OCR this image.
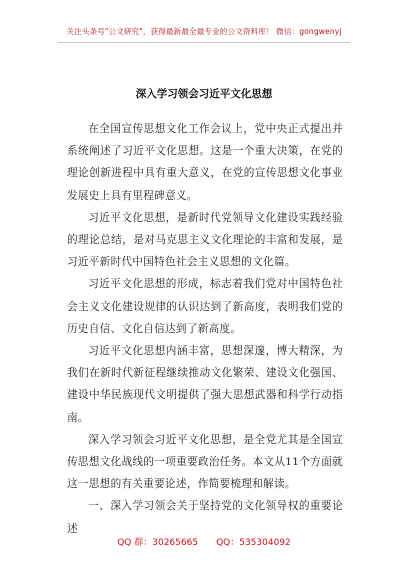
关注头条号"公文研究"，获得最新最全最专业的公文资料库！ 微信：gongwenyj
深入学习领会习近平文化思想

在全国宣传思想文化工作会议上，党中央正式提出并系统阐述了习近平文化思想。这是一个重大决策，在党的理论创新进程中具有重大意义，在党的宣传思想文化事业发展史上具有里程碑意义。

习近平文化思想，是新时代党领导文化建设实践经验的理论总结，是对马克思主义文化理论的丰富和发展，是习近平新时代中国特色社会主义思想的文化篇。

习近平文化思想的形成，标志着我们党对中国特色社会主义文化建设规律的认识达到了新高度，表明我们党的历史自信、文化自信达到了新高度。

习近平文化思想内涵丰富，思想深邃，博大精深，为我们在新时代新征程继续推动文化繁荣、建设文化强国、建设中华民族现代文明提供了强大思想武器和科学行动指南。

深入学习领会习近平文化思想，是全党尤其是全国宣传思想文化战线的一项重要政治任务。本文从11个方面就这一思想的有关重要论述，作简要梳理和解读。

一、深入学习领会关于坚持党的文化领导权的重要论述

QQ 群：30265665 QQ：535304092
